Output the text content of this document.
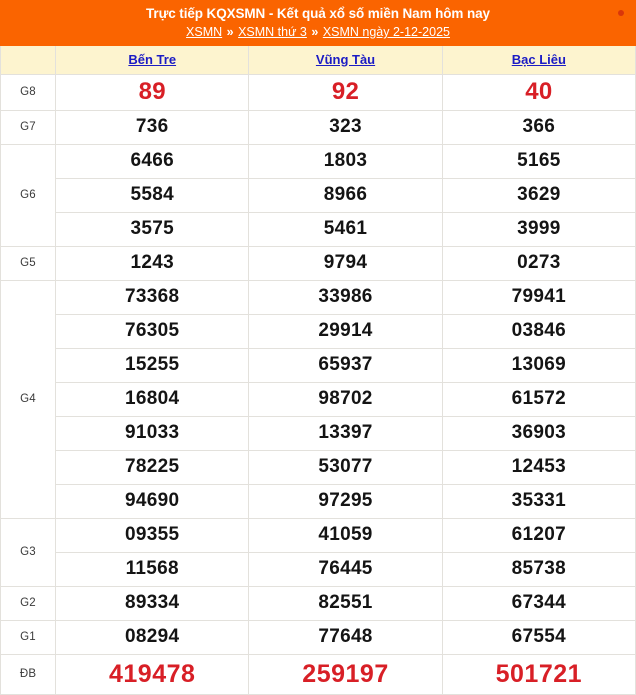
Trực tiếp KQXSMN - Kết quả xổ số miền Nam hôm nay
XSMN » XSMN thứ 3 » XSMN ngày 2-12-2025
	Bến Tre	Vũng Tàu	Bạc Liêu
G8	89	92	40
G7	736	323	366
G6	6466	1803	5165
	5584	8966	3629
	3575	5461	3999
G5	1243	9794	0273
G4	73368	33986	79941
	76305	29914	03846
	15255	65937	13069
	16804	98702	61572
	91033	13397	36903
	78225	53077	12453
	94690	97295	35331
G3	09355	41059	61207
	11568	76445	85738
G2	89334	82551	67344
G1	08294	77648	67554
ĐB	419478	259197	501721
